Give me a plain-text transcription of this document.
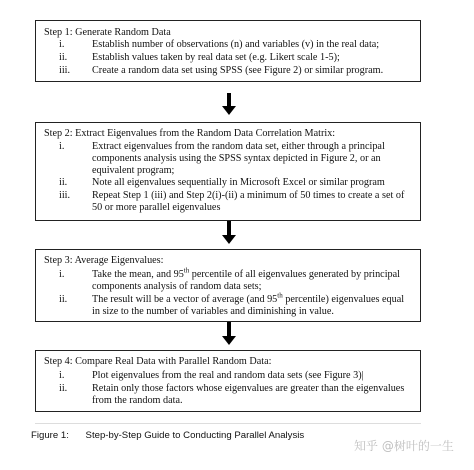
Step 1: Generate Random Data
i.	Establish number of observations (n) and variables (v) in the real data;
ii.	Establish values taken by real data set (e.g. Likert scale 1-5);
iii.	Create a random data set using SPSS (see Figure 2) or similar program.
Step 2: Extract Eigenvalues from the Random Data Correlation Matrix:
i.	Extract eigenvalues from the random data set, either through a principal
components analysis using the SPSS syntax depicted in Figure 2, or an
equivalent program;
ii.	Note all eigenvalues sequentially in Microsoft Excel or similar program
iii.	Repeat Step 1 (iii) and Step 2(i)-(ii) a minimum of 50 times to create a set of
50 or more parallel eigenvalues
Step 3: Average Eigenvalues:
i.	Take the mean, and 95th percentile of all eigenvalues generated by principal
components analysis of random data sets;
ii.	The result will be a vector of average (and 95th percentile) eigenvalues equal
in size to the number of variables and diminishing in value.
Step 4: Compare Real Data with Parallel Random Data:
i.	Plot eigenvalues from the real and random data sets (see Figure 3)|
ii.	Retain only those factors whose eigenvalues are greater than the eigenvalues
from the random data.
Figure 1: Step-by-Step Guide to Conducting Parallel Analysis
知乎 @树叶的一生
